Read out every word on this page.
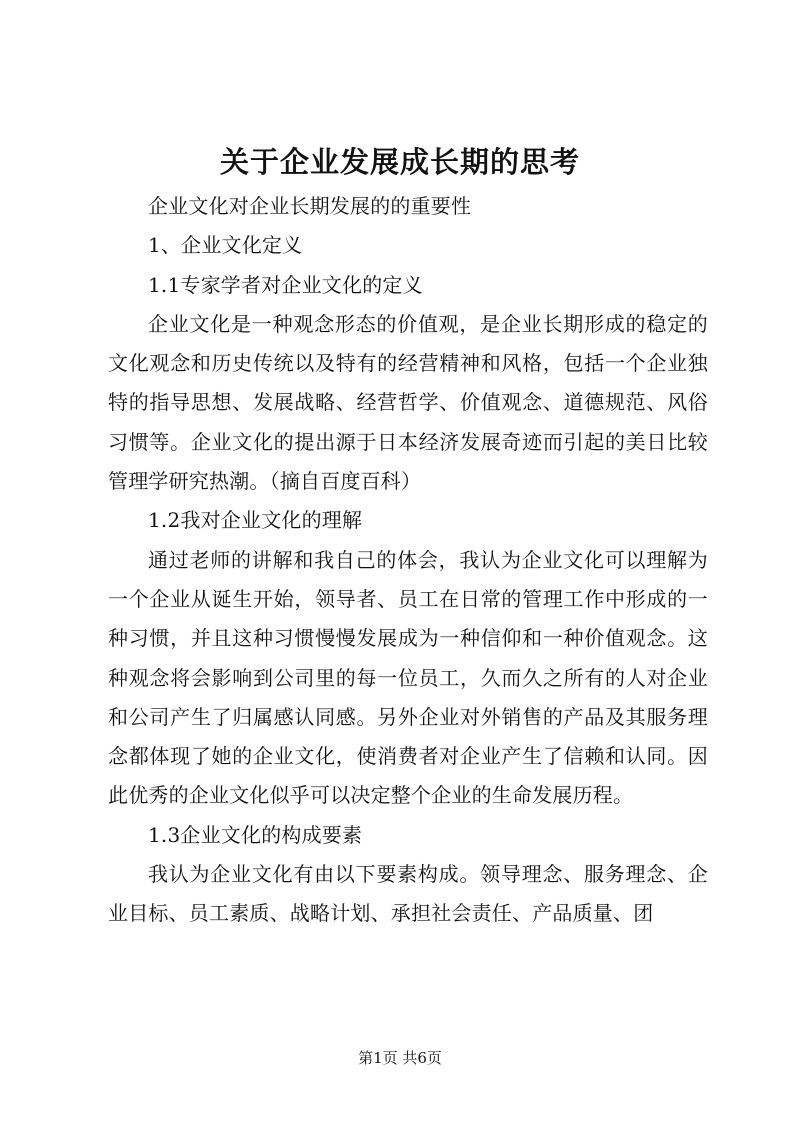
关于企业发展成长期的思考

企业文化对企业长期发展的的重要性

1、企业文化定义

1.1专家学者对企业文化的定义

企业文化是一种观念形态的价值观，是企业长期形成的稳定的文化观念和历史传统以及特有的经营精神和风格，包括一个企业独特的指导思想、发展战略、经营哲学、价值观念、道德规范、风俗习惯等。企业文化的提出源于日本经济发展奇迹而引起的美日比较管理学研究热潮。（摘自百度百科）

1.2我对企业文化的理解

通过老师的讲解和我自己的体会，我认为企业文化可以理解为一个企业从诞生开始，领导者、员工在日常的管理工作中形成的一种习惯，并且这种习惯慢慢发展成为一种信仰和一种价值观念。这种观念将会影响到公司里的每一位员工，久而久之所有的人对企业和公司产生了归属感认同感。另外企业对外销售的产品及其服务理念都体现了她的企业文化，使消费者对企业产生了信赖和认同。因此优秀的企业文化似乎可以决定整个企业的生命发展历程。

1.3企业文化的构成要素

我认为企业文化有由以下要素构成。领导理念、服务理念、企业目标、员工素质、战略计划、承担社会责任、产品质量、团

第1页 共6页
